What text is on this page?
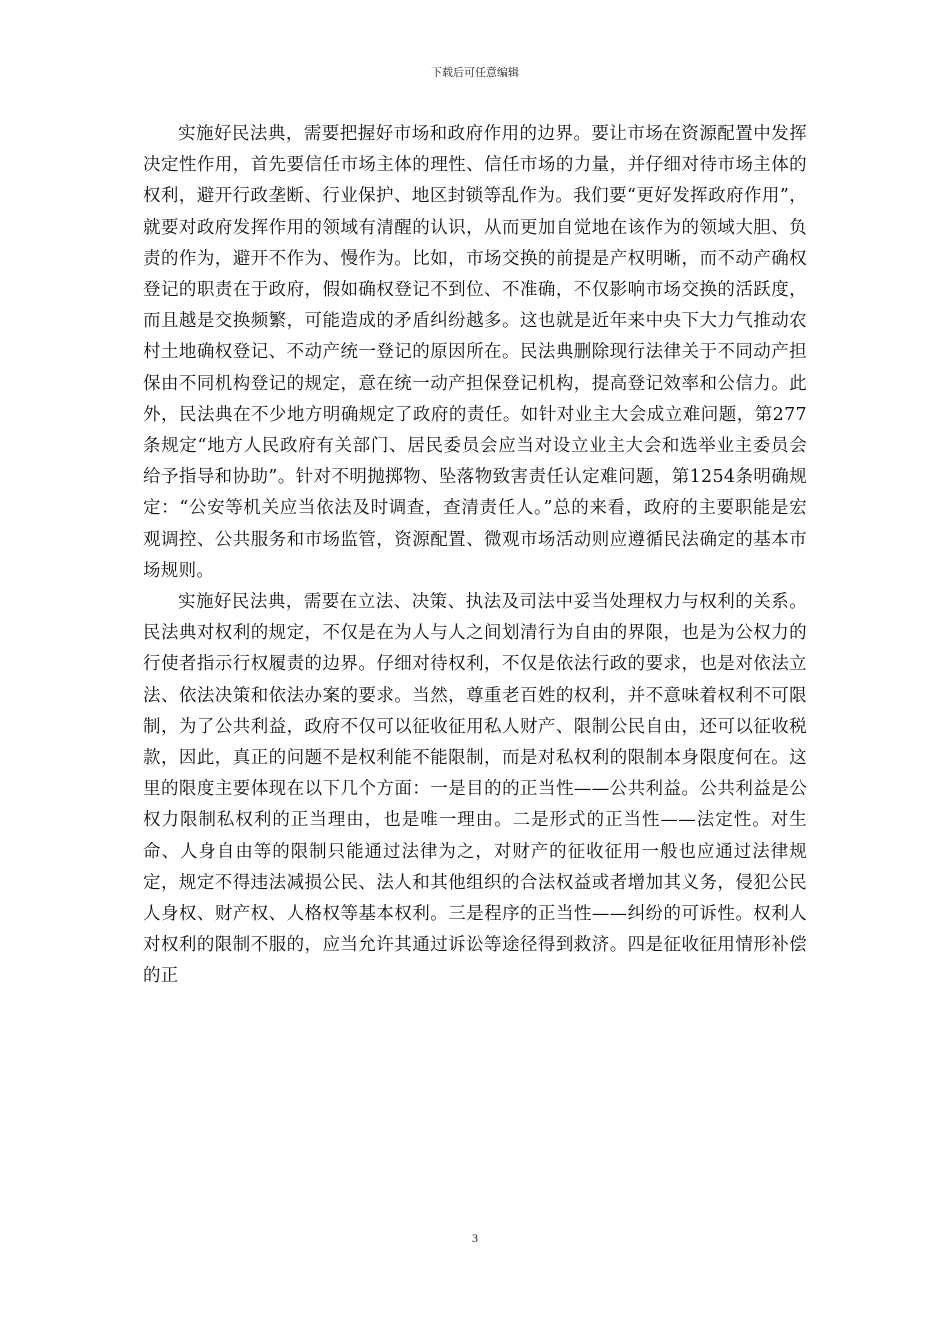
下载后可任意编辑

实施好民法典，需要把握好市场和政府作用的边界。要让市场在资源配置中发挥决定性作用，首先要信任市场主体的理性、信任市场的力量，并仔细对待市场主体的权利，避开行政垄断、行业保护、地区封锁等乱作为。我们要“更好发挥政府作用”，就要对政府发挥作用的领域有清醒的认识，从而更加自觉地在该作为的领域大胆、负责的作为，避开不作为、慢作为。比如，市场交换的前提是产权明晰，而不动产确权登记的职责在于政府，假如确权登记不到位、不准确，不仅影响市场交换的活跃度，而且越是交换频繁，可能造成的矛盾纠纷越多。这也就是近年来中央下大力气推动农村土地确权登记、不动产统一登记的原因所在。民法典删除现行法律关于不同动产担保由不同机构登记的规定，意在统一动产担保登记机构，提高登记效率和公信力。此外，民法典在不少地方明确规定了政府的责任。如针对业主大会成立难问题，第277条规定“地方人民政府有关部门、居民委员会应当对设立业主大会和选举业主委员会给予指导和协助”。针对不明抛掷物、坠落物致害责任认定难问题，第1254条明确规定：“公安等机关应当依法及时调查，查清责任人。”总的来看，政府的主要职能是宏观调控、公共服务和市场监管，资源配置、微观市场活动则应遵循民法确定的基本市场规则。

实施好民法典，需要在立法、决策、执法及司法中妥当处理权力与权利的关系。民法典对权利的规定，不仅是在为人与人之间划清行为自由的界限，也是为公权力的行使者指示行权履责的边界。仔细对待权利，不仅是依法行政的要求，也是对依法立法、依法决策和依法办案的要求。当然，尊重老百姓的权利，并不意味着权利不可限制，为了公共利益，政府不仅可以征收征用私人财产、限制公民自由，还可以征收税款，因此，真正的问题不是权利能不能限制，而是对私权利的限制本身限度何在。这里的限度主要体现在以下几个方面：一是目的的正当性——公共利益。公共利益是公权力限制私权利的正当理由，也是唯一理由。二是形式的正当性——法定性。对生命、人身自由等的限制只能通过法律为之，对财产的征收征用一般也应通过法律规定，规定不得违法减损公民、法人和其他组织的合法权益或者增加其义务，侵犯公民人身权、财产权、人格权等基本权利。三是程序的正当性——纠纷的可诉性。权利人对权利的限制不服的，应当允许其通过诉讼等途径得到救济。四是征收征用情形补偿的正

3
